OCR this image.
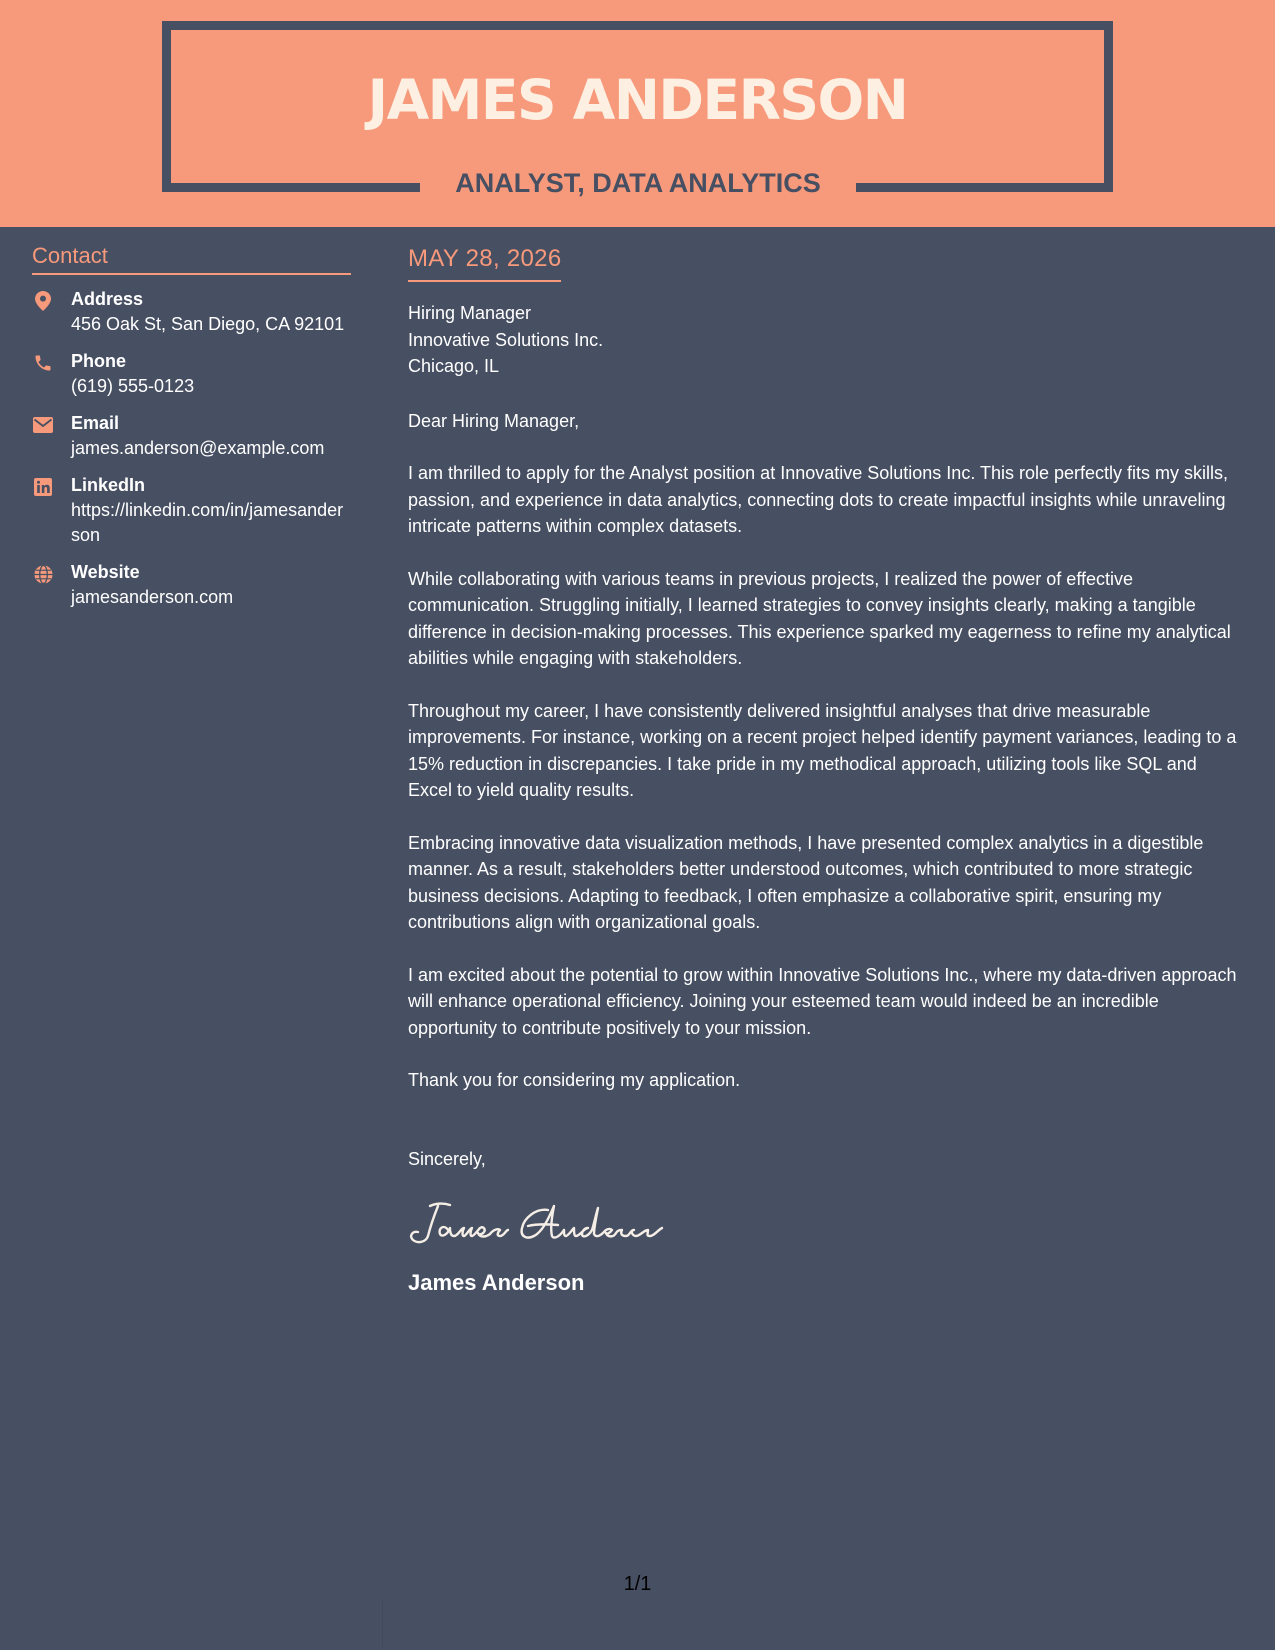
JAMES ANDERSON
ANALYST, DATA ANALYTICS
Contact
Address
456 Oak St, San Diego, CA 92101
Phone
(619) 555-0123
Email
james.anderson@example.com
LinkedIn
https://linkedin.com/in/jamesanderson
Website
jamesanderson.com
MAY 28, 2026
Hiring Manager
Innovative Solutions Inc.
Chicago, IL

Dear Hiring Manager,

I am thrilled to apply for the Analyst position at Innovative Solutions Inc. This role perfectly fits my skills, passion, and experience in data analytics, connecting dots to create impactful insights while unraveling intricate patterns within complex datasets.

While collaborating with various teams in previous projects, I realized the power of effective communication. Struggling initially, I learned strategies to convey insights clearly, making a tangible difference in decision-making processes. This experience sparked my eagerness to refine my analytical abilities while engaging with stakeholders.

Throughout my career, I have consistently delivered insightful analyses that drive measurable improvements. For instance, working on a recent project helped identify payment variances, leading to a 15% reduction in discrepancies. I take pride in my methodical approach, utilizing tools like SQL and Excel to yield quality results.

Embracing innovative data visualization methods, I have presented complex analytics in a digestible manner. As a result, stakeholders better understood outcomes, which contributed to more strategic business decisions. Adapting to feedback, I often emphasize a collaborative spirit, ensuring my contributions align with organizational goals.

I am excited about the potential to grow within Innovative Solutions Inc., where my data-driven approach will enhance operational efficiency. Joining your esteemed team would indeed be an incredible opportunity to contribute positively to your mission.

Thank you for considering my application.

Sincerely,

James Anderson
1/1
